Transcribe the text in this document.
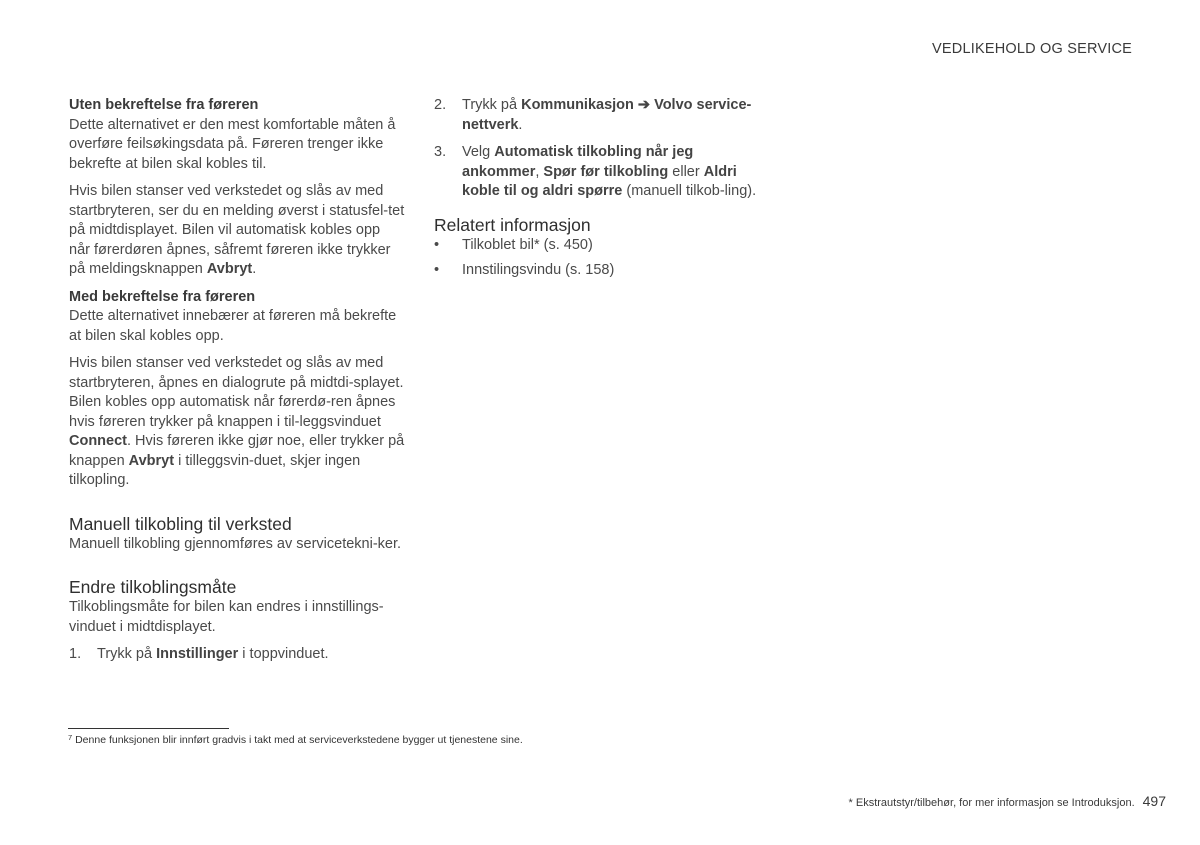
VEDLIKEHOLD OG SERVICE
Uten bekreftelse fra føreren

Dette alternativet er den mest komfortable måten å overføre feilsøkingsdata på. Føreren trenger ikke bekrefte at bilen skal kobles til.

Hvis bilen stanser ved verkstedet og slås av med startbryteren, ser du en melding øverst i statusfel-tet på midtdisplayet. Bilen vil automatisk kobles opp når førerdøren åpnes, såfremt føreren ikke trykker på meldingsknappen Avbryt.

Med bekreftelse fra føreren

Dette alternativet innebærer at føreren må bekrefte at bilen skal kobles opp.

Hvis bilen stanser ved verkstedet og slås av med startbryteren, åpnes en dialogrute på midtdi-splayet. Bilen kobles opp automatisk når førerdø-ren åpnes hvis føreren trykker på knappen i til-leggsvinduet Connect. Hvis føreren ikke gjør noe, eller trykker på knappen Avbryt i tilleggsvin-duet, skjer ingen tilkopling.

Manuell tilkobling til verksted

Manuell tilkobling gjennomføres av servicetekni-ker.

Endre tilkoblingsmåte

Tilkoblingsmåte for bilen kan endres i innstillings-vinduet i midtdisplayet.

1. Trykk på Innstillinger i toppvinduet.
2. Trykk på Kommunikasjon ➔ Volvo service-nettverk.
3. Velg Automatisk tilkobling når jeg ankommer, Spør før tilkobling eller Aldri koble til og aldri spørre (manuell tilkob-ling).
Relatert informasjon
• Tilkoblet bil* (s. 450)
• Innstilingsvindu (s. 158)
$^7$ Denne funksjonen blir innført gradvis i takt med at serviceverkstedene bygger ut tjenestene sine.
* Ekstrautstyr/tilbehør, for mer informasjon se Introduksjon. 497
